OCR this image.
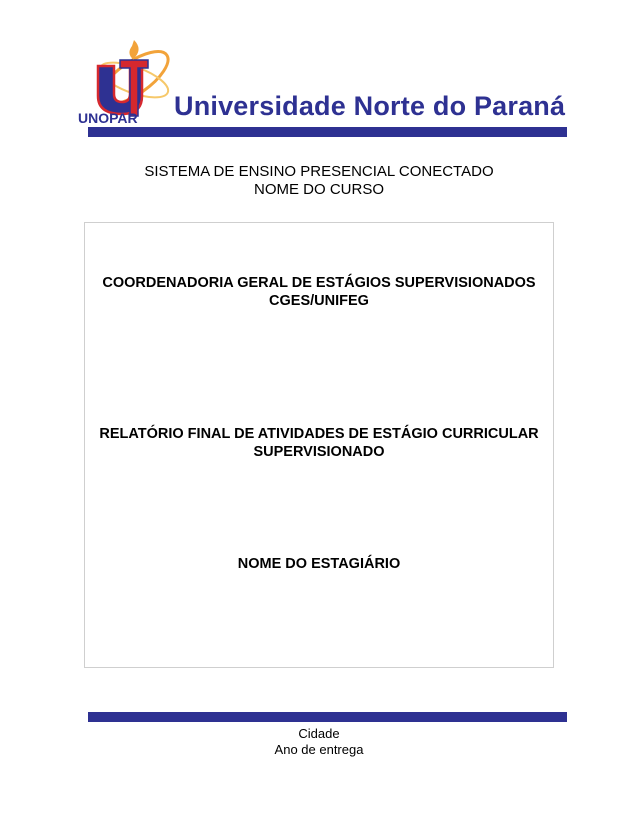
UNOPAR Universidade Norte do Paraná
SISTEMA DE ENSINO PRESENCIAL CONECTADO
NOME DO CURSO
COORDENADORIA GERAL DE ESTÁGIOS SUPERVISIONADOS
CGES/UNIFEG
RELATÓRIO FINAL DE ATIVIDADES DE ESTÁGIO CURRICULAR
SUPERVISIONADO
NOME DO ESTAGIÁRIO
Cidade
Ano de entrega
